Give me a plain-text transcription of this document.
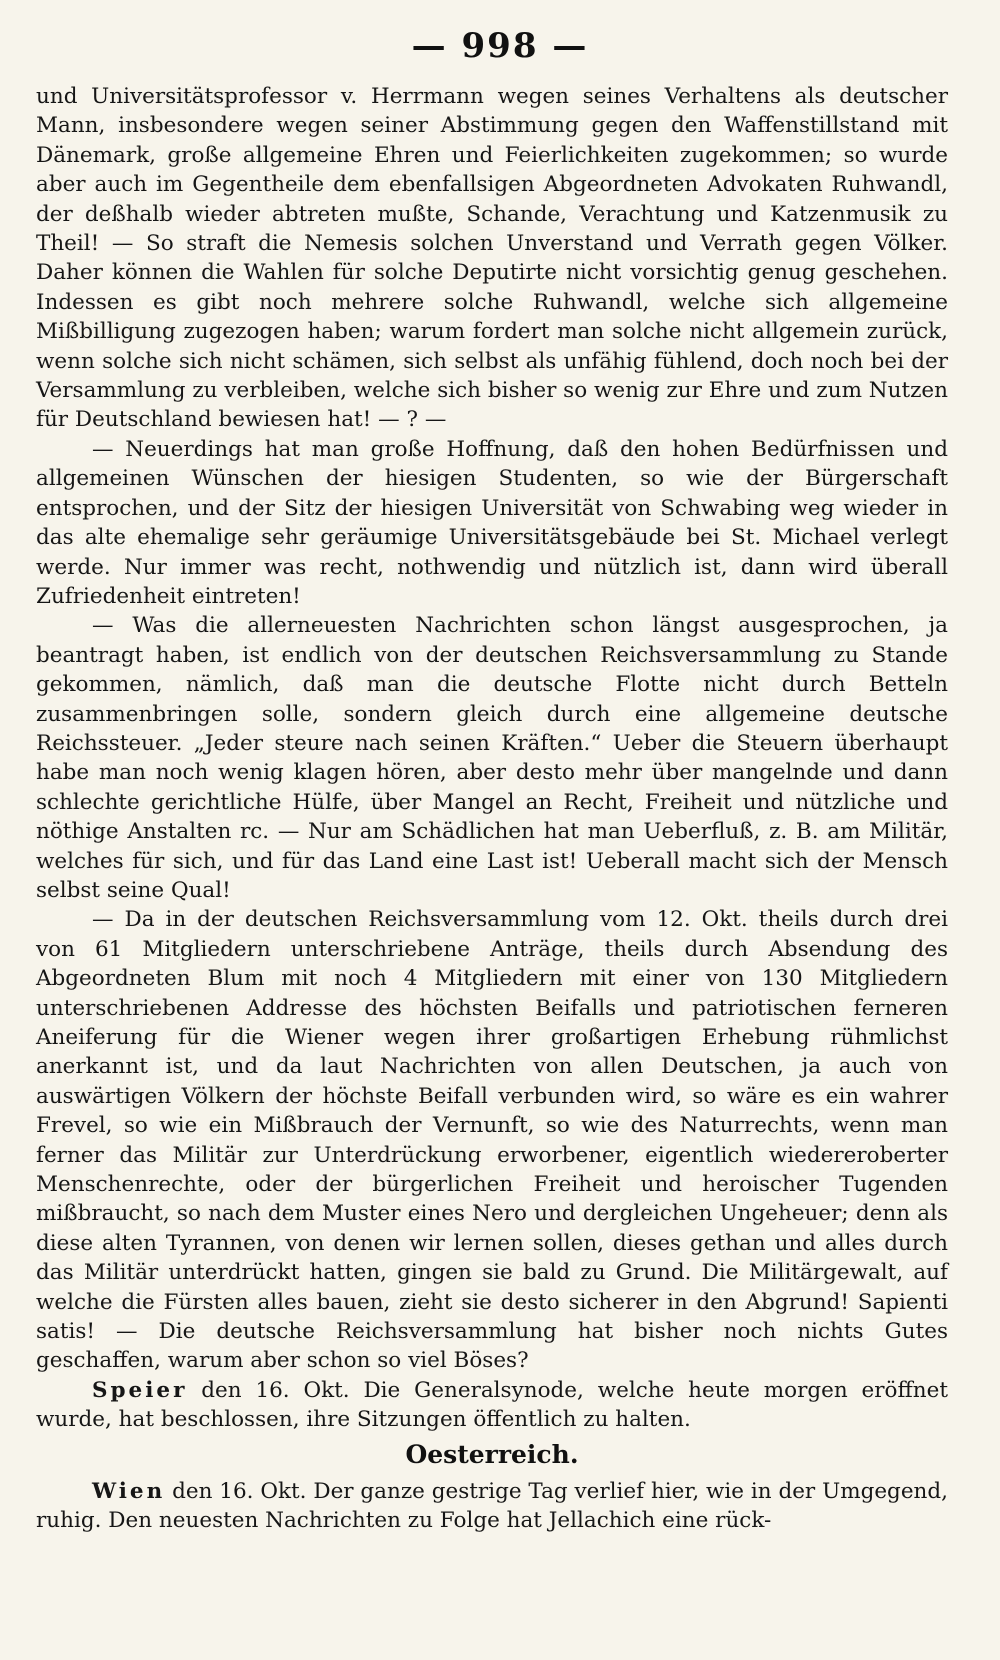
— 998 —

und Universitätsprofessor v. Herrmann wegen seines Verhaltens als deutscher Mann, insbesondere wegen seiner Abstimmung gegen den Waffenstillstand mit Dänemark, große allgemeine Ehren und Feierlichkeiten zugekommen; so wurde aber auch im Gegentheile dem ebenfallsigen Abgeordneten Advokaten Ruhwandl, der deßhalb wieder abtreten mußte, Schande, Verachtung und Katzenmusik zu Theil! — So straft die Nemesis solchen Unverstand und Verrath gegen Völker. Daher können die Wahlen für solche Deputirte nicht vorsichtig genug geschehen. Indessen es gibt noch mehrere solche Ruhwandl, welche sich allgemeine Mißbilligung zugezogen haben; warum fordert man solche nicht allgemein zurück, wenn solche sich nicht schämen, sich selbst als unfähig fühlend, doch noch bei der Versammlung zu verbleiben, welche sich bisher so wenig zur Ehre und zum Nutzen für Deutschland bewiesen hat! — ? —

— Neuerdings hat man große Hoffnung, daß den hohen Bedürfnissen und allgemeinen Wünschen der hiesigen Studenten, so wie der Bürgerschaft entsprochen, und der Sitz der hiesigen Universität von Schwabing weg wieder in das alte ehemalige sehr geräumige Universitätsgebäude bei St. Michael verlegt werde. Nur immer was recht, nothwendig und nützlich ist, dann wird überall Zufriedenheit eintreten!

— Was die allerneuesten Nachrichten schon längst ausgesprochen, ja beantragt haben, ist endlich von der deutschen Reichsversammlung zu Stande gekommen, nämlich, daß man die deutsche Flotte nicht durch Betteln zusammenbringen solle, sondern gleich durch eine allgemeine deutsche Reichssteuer. „Jeder steure nach seinen Kräften.“ Ueber die Steuern überhaupt habe man noch wenig klagen hören, aber desto mehr über mangelnde und dann schlechte gerichtliche Hülfe, über Mangel an Recht, Freiheit und nützliche und nöthige Anstalten rc. — Nur am Schädlichen hat man Ueberfluß, z. B. am Militär, welches für sich, und für das Land eine Last ist! Ueberall macht sich der Mensch selbst seine Qual!

— Da in der deutschen Reichsversammlung vom 12. Okt. theils durch drei von 61 Mitgliedern unterschriebene Anträge, theils durch Absendung des Abgeordneten Blum mit noch 4 Mitgliedern mit einer von 130 Mitgliedern unterschriebenen Addresse des höchsten Beifalls und patriotischen ferneren Aneiferung für die Wiener wegen ihrer großartigen Erhebung rühmlichst anerkannt ist, und da laut Nachrichten von allen Deutschen, ja auch von auswärtigen Völkern der höchste Beifall verbunden wird, so wäre es ein wahrer Frevel, so wie ein Mißbrauch der Vernunft, so wie des Naturrechts, wenn man ferner das Militär zur Unterdrückung erworbener, eigentlich wiedereroberter Menschenrechte, oder der bürgerlichen Freiheit und heroischer Tugenden mißbraucht, so nach dem Muster eines Nero und dergleichen Ungeheuer; denn als diese alten Tyrannen, von denen wir lernen sollen, dieses gethan und alles durch das Militär unterdrückt hatten, gingen sie bald zu Grund. Die Militärgewalt, auf welche die Fürsten alles bauen, zieht sie desto sicherer in den Abgrund! Sapienti satis! — Die deutsche Reichsversammlung hat bisher noch nichts Gutes geschaffen, warum aber schon so viel Böses?

Speier den 16. Okt. Die Generalsynode, welche heute morgen eröffnet wurde, hat beschlossen, ihre Sitzungen öffentlich zu halten.

Oesterreich.

Wien den 16. Okt. Der ganze gestrige Tag verlief hier, wie in der Umgegend, ruhig. Den neuesten Nachrichten zu Folge hat Jellachich eine rück-
